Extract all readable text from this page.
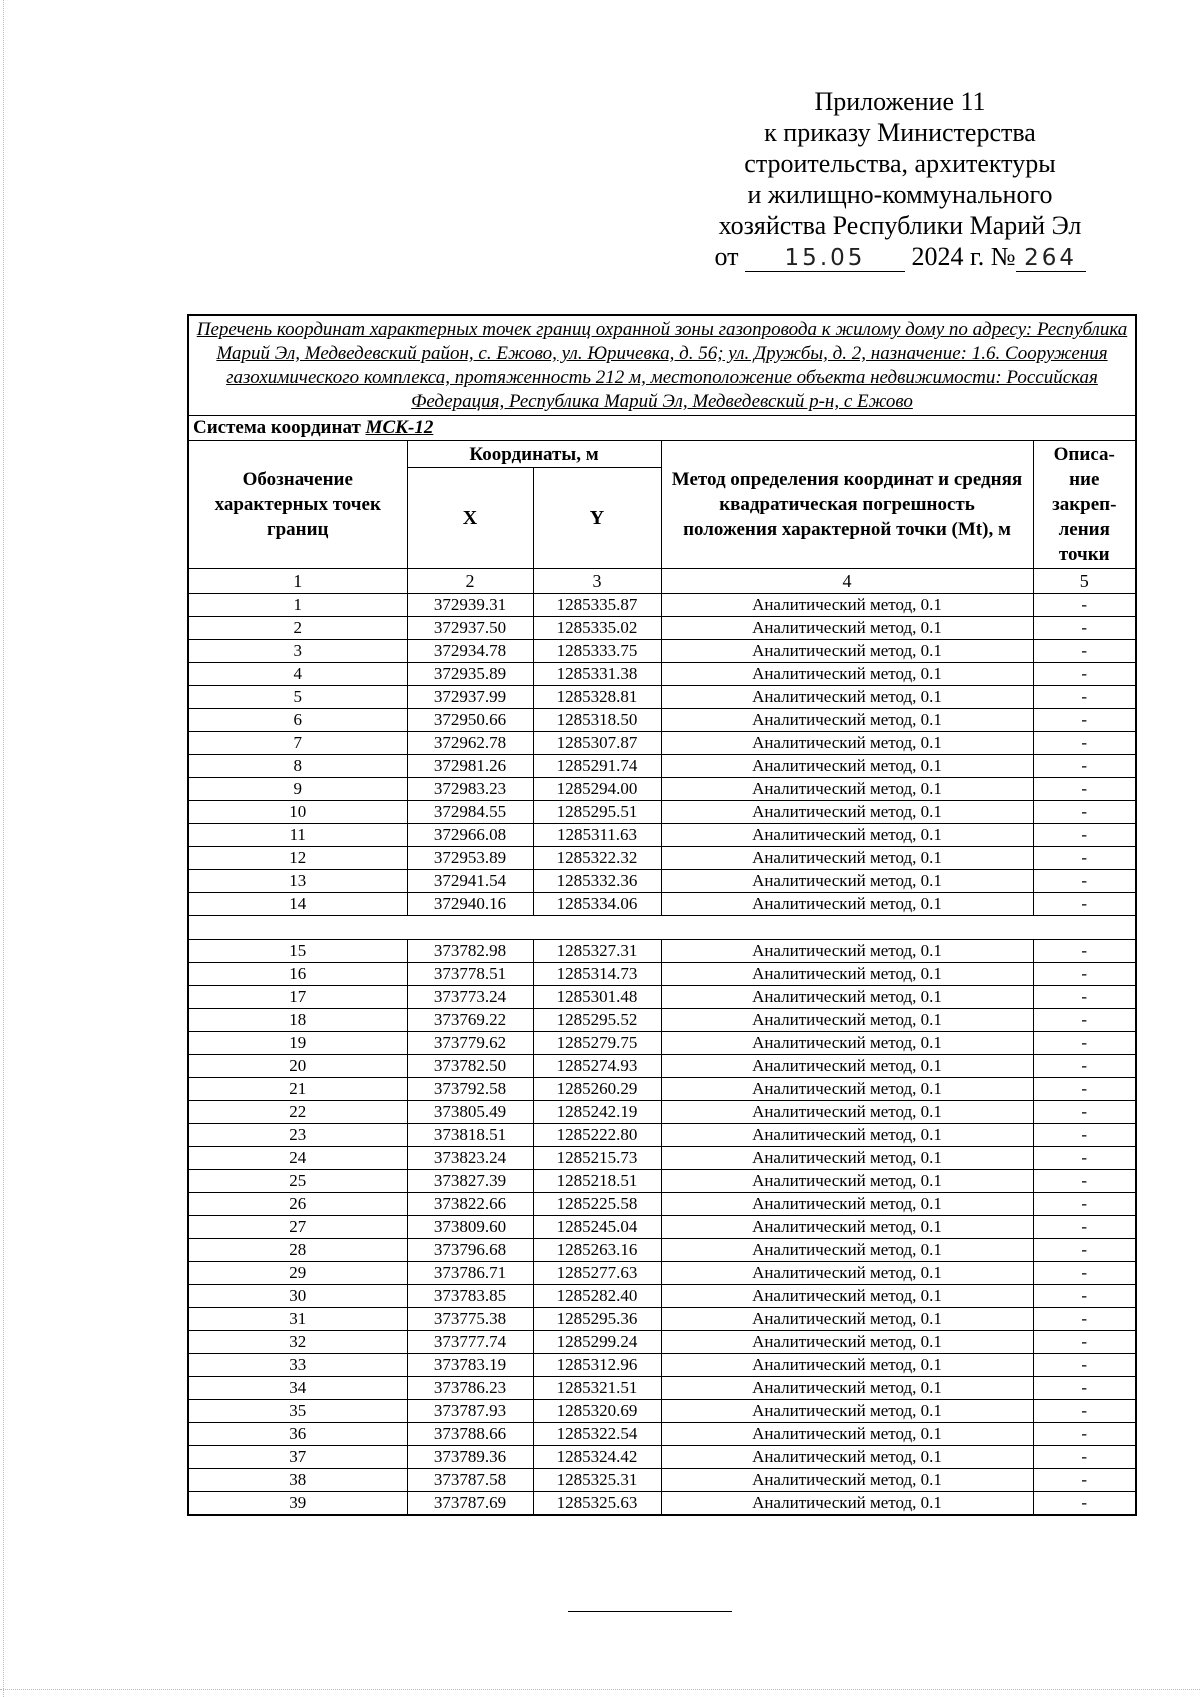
Приложение 11
к приказу Министерства
строительства, архитектуры
и жилищно-коммунального
хозяйства Республики Марий Эл
от 15.05 2024 г. № 264
Перечень координат характерных точек границ охранной зоны газопровода к жилому дому по адресу: Республика Марий Эл, Медведевский район, с. Ежово, ул. Юричевка, д. 56; ул. Дружбы, д. 2, назначение: 1.6. Сооружения газохимического комплекса, протяженность 212 м, местоположение объекта недвижимости: Российская Федерация, Республика Марий Эл, Медведевский р-н, с Ежово				
Система координат МСК-12				
Обозначение характерных точек границ	Координаты, м		Метод определения координат и средняя квадратическая погрешность положения характерной точки (Mt), м	Описа-ние закреп-ления точки
	X	Y		
1	2	3	4	5
1	372939.31	1285335.87	Аналитический метод, 0.1	-
2	372937.50	1285335.02	Аналитический метод, 0.1	-
3	372934.78	1285333.75	Аналитический метод, 0.1	-
4	372935.89	1285331.38	Аналитический метод, 0.1	-
5	372937.99	1285328.81	Аналитический метод, 0.1	-
6	372950.66	1285318.50	Аналитический метод, 0.1	-
7	372962.78	1285307.87	Аналитический метод, 0.1	-
8	372981.26	1285291.74	Аналитический метод, 0.1	-
9	372983.23	1285294.00	Аналитический метод, 0.1	-
10	372984.55	1285295.51	Аналитический метод, 0.1	-
11	372966.08	1285311.63	Аналитический метод, 0.1	-
12	372953.89	1285322.32	Аналитический метод, 0.1	-
13	372941.54	1285332.36	Аналитический метод, 0.1	-
14	372940.16	1285334.06	Аналитический метод, 0.1	-

15	373782.98	1285327.31	Аналитический метод, 0.1	-
16	373778.51	1285314.73	Аналитический метод, 0.1	-
17	373773.24	1285301.48	Аналитический метод, 0.1	-
18	373769.22	1285295.52	Аналитический метод, 0.1	-
19	373779.62	1285279.75	Аналитический метод, 0.1	-
20	373782.50	1285274.93	Аналитический метод, 0.1	-
21	373792.58	1285260.29	Аналитический метод, 0.1	-
22	373805.49	1285242.19	Аналитический метод, 0.1	-
23	373818.51	1285222.80	Аналитический метод, 0.1	-
24	373823.24	1285215.73	Аналитический метод, 0.1	-
25	373827.39	1285218.51	Аналитический метод, 0.1	-
26	373822.66	1285225.58	Аналитический метод, 0.1	-
27	373809.60	1285245.04	Аналитический метод, 0.1	-
28	373796.68	1285263.16	Аналитический метод, 0.1	-
29	373786.71	1285277.63	Аналитический метод, 0.1	-
30	373783.85	1285282.40	Аналитический метод, 0.1	-
31	373775.38	1285295.36	Аналитический метод, 0.1	-
32	373777.74	1285299.24	Аналитический метод, 0.1	-
33	373783.19	1285312.96	Аналитический метод, 0.1	-
34	373786.23	1285321.51	Аналитический метод, 0.1	-
35	373787.93	1285320.69	Аналитический метод, 0.1	-
36	373788.66	1285322.54	Аналитический метод, 0.1	-
37	373789.36	1285324.42	Аналитический метод, 0.1	-
38	373787.58	1285325.31	Аналитический метод, 0.1	-
39	373787.69	1285325.63	Аналитический метод, 0.1	-
